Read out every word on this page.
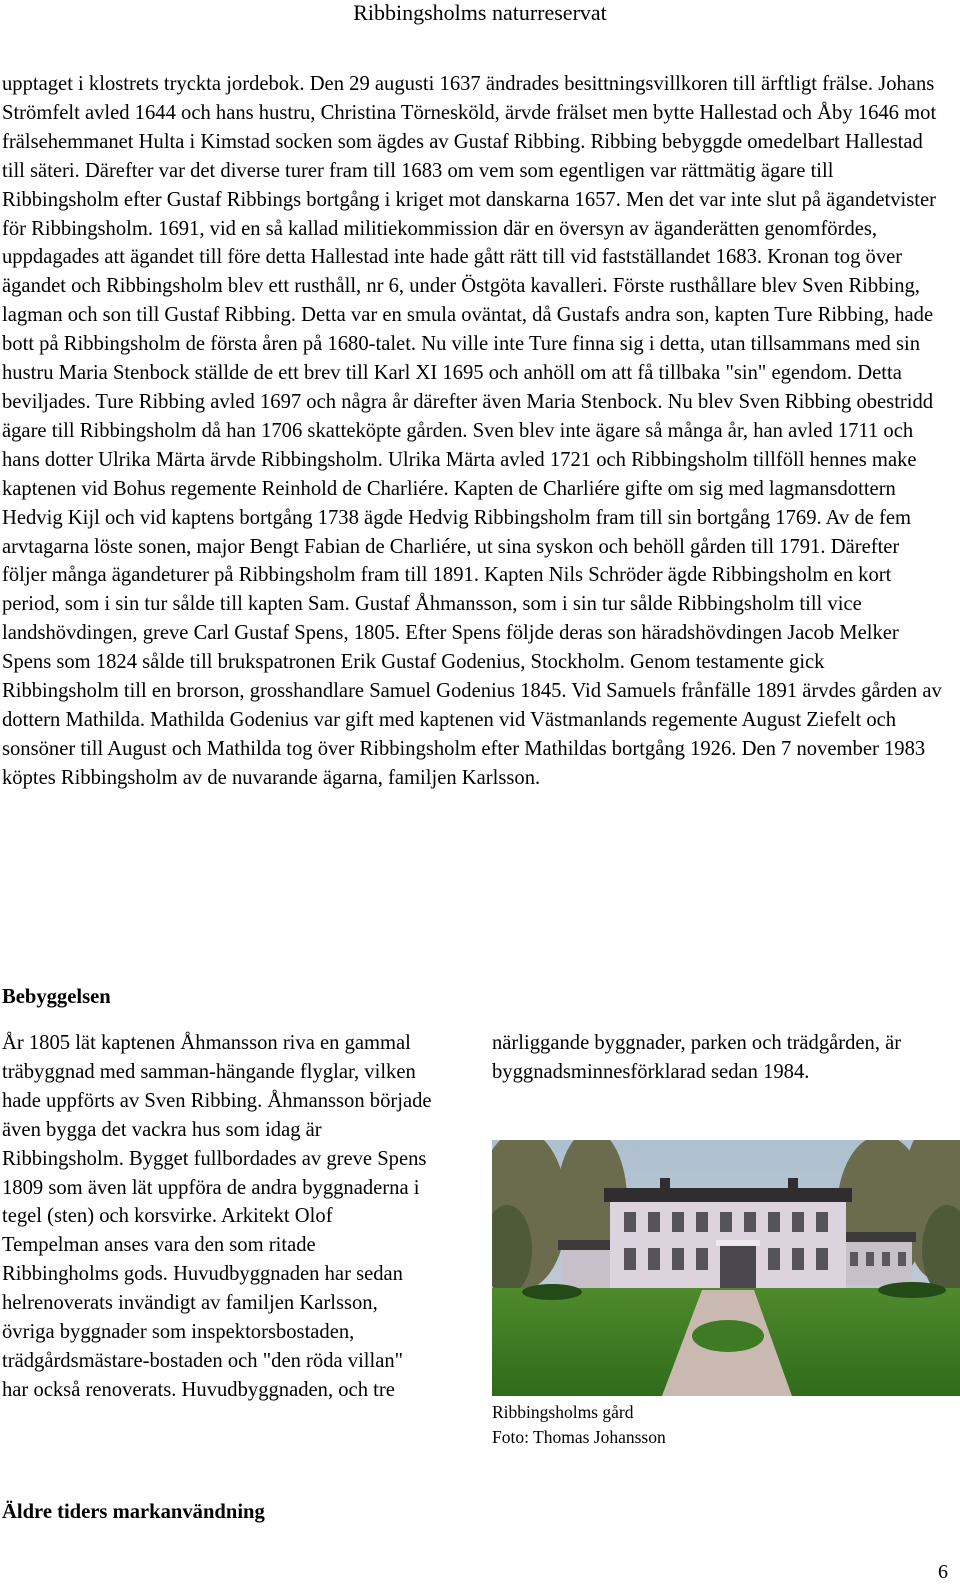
Ribbingsholms naturreservat

upptaget i klostrets tryckta jordebok. Den 29 augusti 1637 ändrades besittningsvillkoren till ärftligt frälse. Johans Strömfelt avled 1644 och hans hustru, Christina Törnesköld, ärvde frälset men bytte Hallestad och Åby 1646 mot frälsehemmanet Hulta i Kimstad socken som ägdes av Gustaf Ribbing. Ribbing bebyggde omedelbart Hallestad till säteri. Därefter var det diverse turer fram till 1683 om vem som egentligen var rättmätig ägare till Ribbingsholm efter Gustaf Ribbings bortgång i kriget mot danskarna 1657. Men det var inte slut på ägandetvister för Ribbingsholm. 1691, vid en så kallad militiekommission där en översyn av äganderätten genomfördes, uppdagades att ägandet till före detta Hallestad inte hade gått rätt till vid fastställandet 1683. Kronan tog över ägandet och Ribbingsholm blev ett rusthåll, nr 6, under Östgöta kavalleri. Förste rusthållare blev Sven Ribbing, lagman och son till Gustaf Ribbing. Detta var en smula oväntat, då Gustafs andra son, kapten Ture Ribbing, hade bott på Ribbingsholm de första åren på 1680-talet. Nu ville inte Ture finna sig i detta, utan tillsammans med sin hustru Maria Stenbock ställde de ett brev till Karl XI 1695 och anhöll om att få tillbaka "sin" egendom. Detta beviljades. Ture Ribbing avled 1697 och några år därefter även Maria Stenbock. Nu blev Sven Ribbing obestridd ägare till Ribbingsholm då han 1706 skatteköpte gården. Sven blev inte ägare så många år, han avled 1711 och hans dotter Ulrika Märta ärvde Ribbingsholm. Ulrika Märta avled 1721 och Ribbingsholm tillföll hennes make kaptenen vid Bohus regemente Reinhold de Charliére. Kapten de Charliére gifte om sig med lagmansdottern Hedvig Kijl och vid kaptens bortgång 1738 ägde Hedvig Ribbingsholm fram till sin bortgång 1769. Av de fem arvtagarna löste sonen, major Bengt Fabian de Charliére, ut sina syskon och behöll gården till 1791. Därefter följer många ägandeturer på Ribbingsholm fram till 1891. Kapten Nils Schröder ägde Ribbingsholm en kort period, som i sin tur sålde till kapten Sam. Gustaf Åhmansson, som i sin tur sålde Ribbingsholm till vice landshövdingen, greve Carl Gustaf Spens, 1805. Efter Spens följde deras son häradshövdingen Jacob Melker Spens som 1824 sålde till brukspatronen Erik Gustaf Godenius, Stockholm. Genom testamente gick Ribbingsholm till en brorson, grosshandlare Samuel Godenius 1845. Vid Samuels frånfälle 1891 ärvdes gården av dottern Mathilda. Mathilda Godenius var gift med kaptenen vid Västmanlands regemente August Ziefelt och sonsöner till August och Mathilda tog över Ribbingsholm efter Mathildas bortgång 1926. Den 7 november 1983 köptes Ribbingsholm av de nuvarande ägarna, familjen Karlsson.

Bebyggelsen

År 1805 lät kaptenen Åhmansson riva en gammal träbyggnad med samman-hängande flyglar, vilken hade uppförts av Sven Ribbing. Åhmansson började även bygga det vackra hus som idag är Ribbingsholm. Bygget fullbordades av greve Spens 1809 som även lät uppföra de andra byggnaderna i tegel (sten) och korsvirke. Arkitekt Olof Tempelman anses vara den som ritade Ribbingholms gods. Huvudbyggnaden har sedan helrenoverats invändigt av familjen Karlsson, övriga byggnader som inspektorsbostaden, trädgårdsmästare-bostaden och "den röda villan" har också renoverats. Huvudbyggnaden, och tre

närliggande byggnader, parken och trädgården, är byggnadsminnesförklarad sedan 1984.

Ribbingsholms gård
Foto: Thomas Johansson
Äldre tiders markanvändning
6
